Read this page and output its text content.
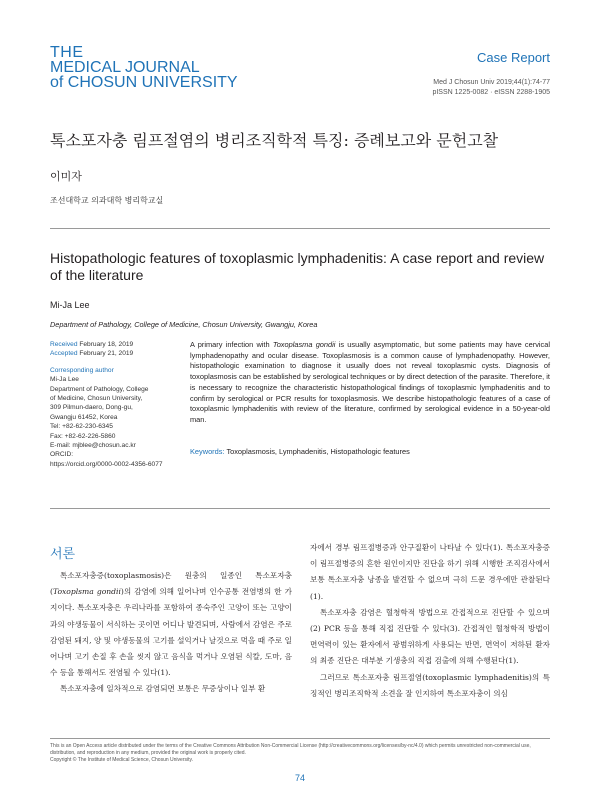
THE
MEDICAL JOURNAL
of CHOSUN UNIVERSITY
Case Report
Med J Chosun Univ 2019;44(1):74-77
pISSN 1225-0082 · eISSN 2288-1905
톡소포자충 림프절염의 병리조직학적 특징: 증례보고와 문헌고찰
이미자
조선대학교 의과대학 병리학교실
Histopathologic features of toxoplasmic lymphadenitis: A case report and review of the literature
Mi-Ja Lee
Department of Pathology, College of Medicine, Chosun University, Gwangju, Korea
Received February 18, 2019
Accepted February 21, 2019
Corresponding author
Mi-Ja Lee
Department of Pathology, College
of Medicine, Chosun University,
309 Pilmun-daero, Dong-gu,
Gwangju 61452, Korea
Tel: +82-62-230-6345
Fax: +82-62-226-5860
E-mail: mjblee@chosun.ac.kr
ORCID:
https://orcid.org/0000-0002-4356-6077
A primary infection with Toxoplasma gondii is usually asymptomatic, but some patients may have cervical lymphadenopathy and ocular disease. Toxoplasmosis is a common cause of lymphadenopathy. However, histopathologic examination to diagnose it usually does not reveal toxoplasmic cysts. Diagnosis of toxoplasmosis can be established by serological techniques or by direct detection of the parasite. Therefore, it is necessary to recognize the characteristic histopathological findings of toxoplasmic lymphadenitis and to confirm by serological or PCR results for toxoplasmosis. We describe histopathologic features of a case of toxoplasmic lymphadenitis with review of the literature, confirmed by serological evidence in a 50-year-old man.
Keywords: Toxoplasmosis, Lymphadenitis, Histopathologic features
서론

톡소포자충증(toxoplasmosis)은 원충의 일종인 톡소포자충(Toxoplsma gondii)의 감염에 의해 일어나며 인수공통 전염병의 한 가지이다. 톡소포자충은 우리나라를 포함하여 종숙주인 고양이 또는 고양이과의 야생동물이 서식하는 곳이면 어디나 발견되며, 사람에서 감염은 주로 감염된 돼지, 양 및 야생동물의 고기를 설익거나 날것으로 먹을 때 주로 일어나며 고기 손질 후 손을 씻지 않고 음식을 먹거나 오염된 식칼, 도마, 음수 등을 통해서도 전염될 수 있다(1).

톡소포자충에 일차적으로 감염되면 보통은 무증상이나 일부 환

자에서 경부 림프절병증과 안구질환이 나타날 수 있다(1). 톡소포자충증이 림프절병증의 흔한 원인이지만 진단을 하기 위해 시행한 조직검사에서 보통 톡소포자충 낭종을 발견할 수 없으며 극히 드문 경우에만 관찰된다(1).

톡소포자충 감염은 혈청학적 방법으로 간접적으로 진단할 수 있으며(2) PCR 등을 통해 직접 진단할 수 있다(3). 간접적인 혈청학적 방법이 면역력이 있는 환자에서 광범위하게 사용되는 반면, 면역이 저하된 환자의 최종 진단은 대부분 기생충의 직접 검출에 의해 수행된다(1).

그러므로 톡소포자충 림프절염(toxoplasmic lymphadenitis)의 특징적인 병리조직학적 소견을 잘 인지하여 톡소포자충이 의심

This is an Open Access article distributed under the terms of the Creative Commons Attribution Non-Commercial License (http://creativecommons.org/licenses/by-nc/4.0) which permits unrestricted non-commercial use, distribution, and reproduction in any medium, provided the original work is properly cited.
Copyright © The Institute of Medical Science, Chosun University.
74
